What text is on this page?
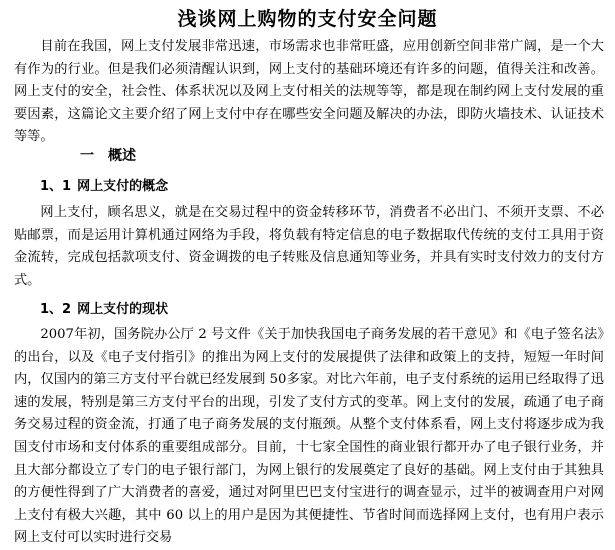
浅谈网上购物的支付安全问题

目前在我国，网上支付发展非常迅速，市场需求也非常旺盛，应用创新空间非常广阔，是一个大有作为的行业。但是我们必须清醒认识到，网上支付的基础环境还有许多的问题，值得关注和改善。网上支付的安全，社会性、体系状况以及网上支付相关的法规等等，都是现在制约网上支付发展的重要因素，这篇论文主要介绍了网上支付中存在哪些安全问题及解决的办法，即防火墙技术、认证技术等等。

一 概述
1、1 网上支付的概念

网上支付，顾名思义，就是在交易过程中的资金转移环节，消费者不必出门、不须开支票、不必贴邮票，而是运用计算机通过网络为手段，将负载有特定信息的电子数据取代传统的支付工具用于资金流转，完成包括款项支付、资金调拨的电子转账及信息通知等业务，并具有实时支付效力的支付方式。

1、2 网上支付的现状

2007年初，国务院办公厅 2 号文件《关于加快我国电子商务发展的若干意见》和《电子签名法》的出台，以及《电子支付指引》的推出为网上支付的发展提供了法律和政策上的支持，短短一年时间内，仅国内的第三方支付平台就已经发展到 50多家。对比六年前，电子支付系统的运用已经取得了迅速的发展，特别是第三方支付平台的出现，引发了支付方式的变革。网上支付的发展，疏通了电子商务交易过程的资金流，打通了电子商务发展的支付瓶颈。从整个支付体系看，网上支付将逐步成为我国支付市场和支付体系的重要组成部分。目前，十七家全国性的商业银行都开办了电子银行业务，并且大部分都设立了专门的电子银行部门，为网上银行的发展奠定了良好的基础。网上支付由于其独具的方便性得到了广大消费者的喜爱，通过对阿里巴巴支付宝进行的调查显示，过半的被调查用户对网上支付有极大兴趣，其中 60 以上的用户是因为其便捷性、节省时间而选择网上支付，也有用户表示网上支付可以实时进行交易
